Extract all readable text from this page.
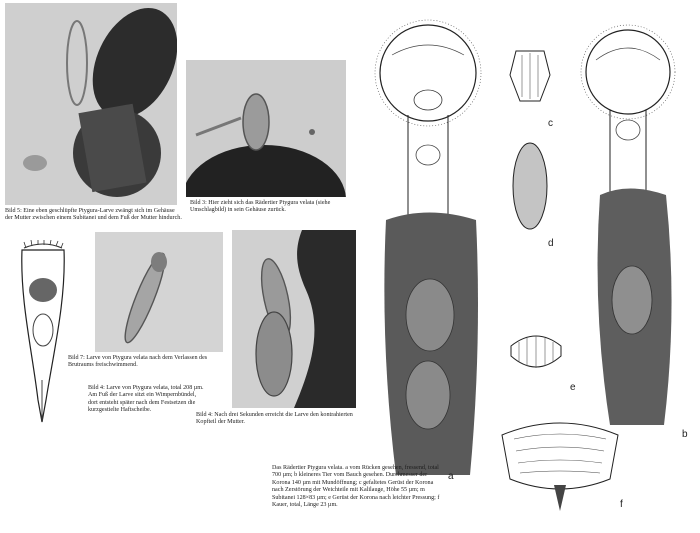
Bild 5: Eine eben geschlüpfte Ptygura-Larve zwängt sich im Gehäuse der Mutter zwischen einem Subitanei und dem Fuß der Mutter hindurch.

Bild 3: Hier zieht sich das Rädertier Ptygura velata (siehe Umschlagbild) in sein Gehäuse zurück.

Bild 7: Larve von Ptygura velata nach dem Verlassen des Brutraums freischwimmend.

Bild 4: Larve von Ptygura velata, total 208 µm. Am Fuß der Larve sitzt ein Wimpernbündel, dort entsteht später nach dem Festsetzen die kurzgestielte Haftscheibe.

Bild 4: Nach drei Sekunden erreicht die Larve den kontrahierten Kopfteil der Mutter.

a
b
c
d
e
f

Das Rädertier Ptygura velata. a vom Rücken gesehen, fressend, total 700 µm; b kleineres Tier vom Bauch gesehen. Durchmesser der Korona 140 µm mit Mundöffnung; c gefaltetes Gerüst der Korona nach Zerstörung der Weichteile mit Kalilauge, Höhe 55 µm; m Subitanei 128×83 µm; e Gerüst der Korona nach leichter Pressung; f Kauer, total, Länge 23 µm.
